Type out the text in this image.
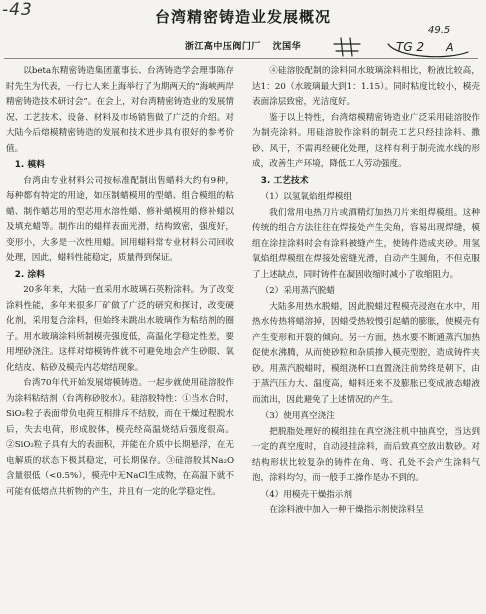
-43	台湾精密铸造业发展概况
浙江高中压阀门厂 沈国华
49.5
TG 2 A

以beta东精密铸造集团董事长、台湾铸造学会理事陈存时先生为代表，一行七人来上海举行了为期两天的“海峡两岸精密铸造技术研讨会”。在会上，对台湾精密铸造业的发展情况、工艺技术、设备、材料及市场销售做了广泛的介绍。对大陆今后熔模精密铸造的发展和技术进步具有很好的参考价值。

1. 模料

台湾由专业材料公司按标准配制出售蜡料大约有9种，每种都有特定的用途，如压制蜡模用的型蜡、组合模组的粘蜡、制作蜡芯用的型芯用水溶性蜡、修补蜡模用的修补蜡以及填充蜡等。制作出的蜡样表面光滑，结构致密，强度好，变形小，大多是一次性用蜡。回用蜡料常专业材料公司回收处理，因此，蜡料性能稳定，质量得到保证。

2. 涂料

20多年来，大陆一直采用水玻璃石英粉涂料。为了改变涂料性能，多年来很多厂矿做了广泛的研究和探讨，改变硬化剂，采用复合涂料，但始终未跳出水玻璃作为粘结剂的圈子。用水玻璃涂料所制模壳强度低，高温化学稳定性差，要用埋砂浇注。这样对熔模铸件就不可避免地会产生砂眼、氧化结皮、粘砂及模壳内芯熔结现象。

台湾70年代开始发展熔模铸造。一起步就使用硅溶胶作为涂料粘结剂（台湾称砂胶水）。硅溶胶特性：①当水合时，SiO₂粒子表面带负电荷互相排斥不结胶，而在干燥过程脱水后，失去电荷，形成胶体，模壳经高温烧结后强度很高。②SiO₂粒子具有大的表面积，并能在介质中长期悬浮，在无电解质的状态下极其稳定，可长期保存。③硅溶胶其Na₂O含量很低（<0.5%），模壳中无NaCl生成物，在高温下就不可能有低熔点共析物的产生，并且有一定的化学稳定性。

④硅溶胶配制的涂料同水玻璃涂料相比，粉液比较高，达1：20（水玻璃最大到1：1.15）。同时粘度比较小，模壳表面涂层致密，光洁度好。

鉴于以上特性，台湾熔模精密铸造业广泛采用硅溶胶作为制壳涂料。用硅溶胶作涂料的制壳工艺只经挂涂料、撒砂、风干，不需再经硬化处理，这样有利于制壳流水线的形成，改善生产环境，降低工人劳动强度。

3. 工艺技术
（1）以氢氧焰组焊模组

我们常用电热刀片或酒精灯加热刀片来组焊模组。这种传统的组合方法往往在焊接处产生尖角，容易出现焊缝，模组在涂挂涂料时会有涂料被缝产生，使铸件造成夹砂。用氢氧焰组焊模组在焊接处密缝光滑，自动产生圆角，不但克服了上述缺点，同时铸件在凝固收缩时减小了收缩阻力。

（2）采用蒸汽脱蜡

大陆多用热水脱蜡，因此脱蜡过程模壳浸泡在水中，用热水传热将蜡溶掉，因蜡受热较慢引起蜡的膨胀，使模壳有产生变形和开裂的倾向。另一方面，热水要不断通蒸汽加热促使水沸腾，从而使砂粒和杂质掺入模壳型腔，造成铸件夹砂。用蒸汽脱蜡时，模组浇杯口直置浇注前势终是朝下，由于蒸汽压力大、温度高，蜡料还来不及膨胀已变成液态蜡液而流出，因此避免了上述情况的产生。

（3）使用真空浇注

把脱脂处理好的模组挂在真空浇注机中抽真空，当达到一定的真空度时，自动浸挂涂料，而后致真空放出数砂。对结构形状比较复杂的铸件在角、弯、孔处不会产生涂料气泡，涂料均匀，而一般手工操作是办不到的。

（4）用模壳干燥指示剂

在涂料液中加入一种干燥指示剂使涂料呈
